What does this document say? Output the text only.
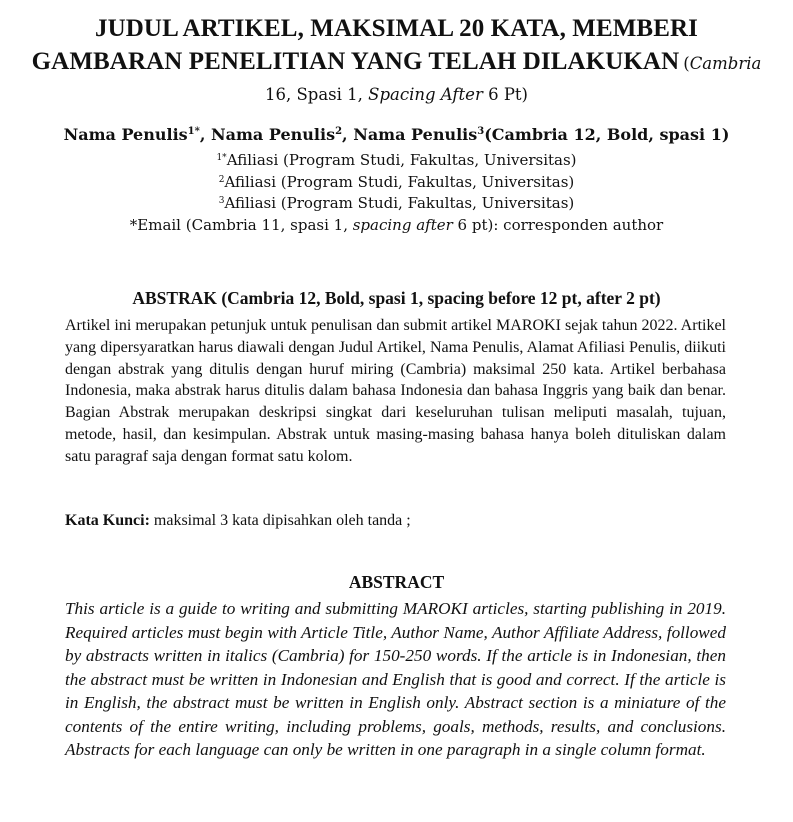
JUDUL ARTIKEL, MAKSIMAL 20 KATA, MEMBERI GAMBARAN PENELITIAN YANG TELAH DILAKUKAN (Cambria 16, Spasi 1, Spacing After 6 Pt)
Nama Penulis$^{1*}$, Nama Penulis$^2$, Nama Penulis$^3$(Cambria 12, Bold, spasi 1)
$^{1*}$Afiliasi (Program Studi, Fakultas, Universitas)
$^2$Afiliasi (Program Studi, Fakultas, Universitas)
$^3$Afiliasi (Program Studi, Fakultas, Universitas)
*Email (Cambria 11, spasi 1, spacing after 6 pt): corresponden author
ABSTRAK (Cambria 12, Bold, spasi 1, spacing before 12 pt, after 2 pt)
Artikel ini merupakan petunjuk untuk penulisan dan submit artikel MAROKI sejak tahun 2022. Artikel yang dipersyaratkan harus diawali dengan Judul Artikel, Nama Penulis, Alamat Afiliasi Penulis, diikuti dengan abstrak yang ditulis dengan huruf miring (Cambria) maksimal 250 kata. Artikel berbahasa Indonesia, maka abstrak harus ditulis dalam bahasa Indonesia dan bahasa Inggris yang baik dan benar. Bagian Abstrak merupakan deskripsi singkat dari keseluruhan tulisan meliputi masalah, tujuan, metode, hasil, dan kesimpulan. Abstrak untuk masing-masing bahasa hanya boleh dituliskan dalam satu paragraf saja dengan format satu kolom.
Kata Kunci: maksimal 3 kata dipisahkan oleh tanda ;
ABSTRACT
This article is a guide to writing and submitting MAROKI articles, starting publishing in 2019. Required articles must begin with Article Title, Author Name, Author Affiliate Address, followed by abstracts written in italics (Cambria) for 150-250 words. If the article is in Indonesian, then the abstract must be written in Indonesian and English that is good and correct. If the article is in English, the abstract must be written in English only. Abstract section is a miniature of the contents of the entire writing, including problems, goals, methods, results, and conclusions. Abstracts for each language can only be written in one paragraph in a single column format.
